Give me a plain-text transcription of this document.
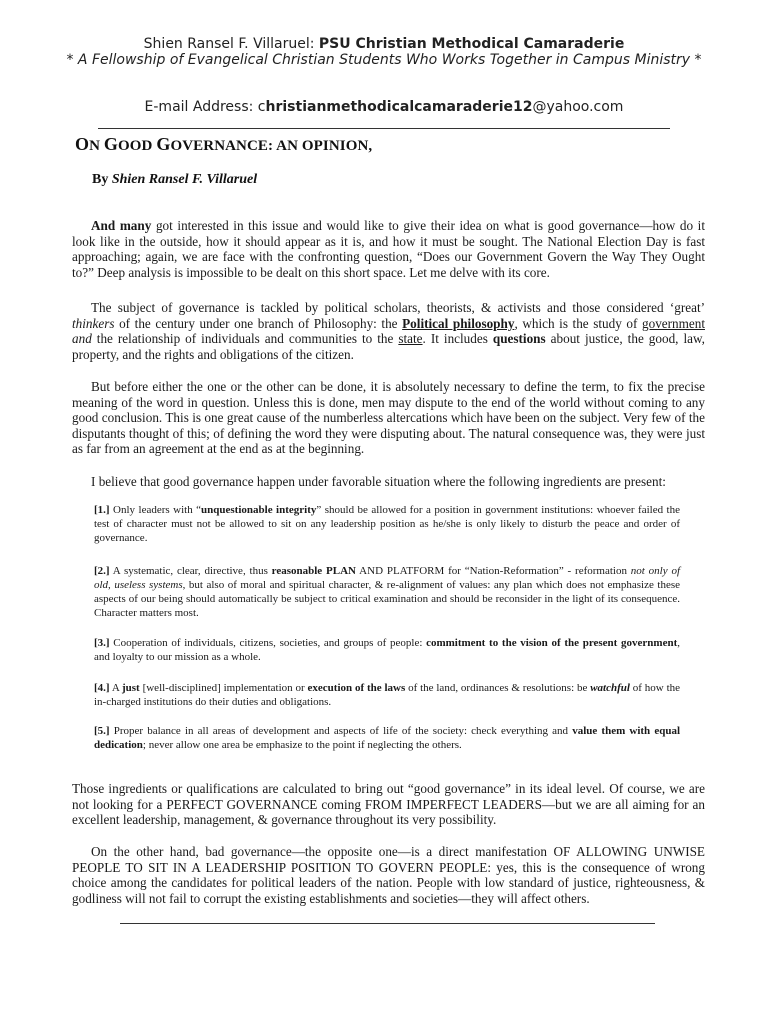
Shien Ransel F. Villaruel: PSU Christian Methodical Camaraderie
* A Fellowship of Evangelical Christian Students Who Works Together in Campus Ministry *
E-mail Address: christianmethodicalcamaraderie12@yahoo.com
ON GOOD GOVERNANCE: AN OPINION,
By Shien Ransel F. Villaruel
And many got interested in this issue and would like to give their idea on what is good governance—how do it look like in the outside, how it should appear as it is, and how it must be sought. The National Election Day is fast approaching; again, we are face with the confronting question, “Does our Government Govern the Way They Ought to?” Deep analysis is impossible to be dealt on this short space. Let me delve with its core.
The subject of governance is tackled by political scholars, theorists, & activists and those considered ‘great’ thinkers of the century under one branch of Philosophy: the Political philosophy, which is the study of government and the relationship of individuals and communities to the state. It includes questions about justice, the good, law, property, and the rights and obligations of the citizen.
But before either the one or the other can be done, it is absolutely necessary to define the term, to fix the precise meaning of the word in question. Unless this is done, men may dispute to the end of the world without coming to any good conclusion. This is one great cause of the numberless altercations which have been on the subject. Very few of the disputants thought of this; of defining the word they were disputing about. The natural consequence was, they were just as far from an agreement at the end as at the beginning.
I believe that good governance happen under favorable situation where the following ingredients are present:
[1.] Only leaders with “unquestionable integrity” should be allowed for a position in government institutions: whoever failed the test of character must not be allowed to sit on any leadership position as he/she is only likely to disturb the peace and order of governance.
[2.] A systematic, clear, directive, thus reasonable PLAN AND PLATFORM for “Nation-Reformation” - reformation not only of old, useless systems, but also of moral and spiritual character, & re-alignment of values: any plan which does not emphasize these aspects of our being should automatically be subject to critical examination and should be reconsider in the light of its consequence. Character matters most.
[3.] Cooperation of individuals, citizens, societies, and groups of people: commitment to the vision of the present government, and loyalty to our mission as a whole.
[4.] A just [well-disciplined] implementation or execution of the laws of the land, ordinances & resolutions: be watchful of how the in-charged institutions do their duties and obligations.
[5.] Proper balance in all areas of development and aspects of life of the society: check everything and value them with equal dedication; never allow one area be emphasize to the point if neglecting the others.
Those ingredients or qualifications are calculated to bring out “good governance” in its ideal level. Of course, we are not looking for a PERFECT GOVERNANCE coming FROM IMPERFECT LEADERS—but we are all aiming for an excellent leadership, management, & governance throughout its very possibility.
On the other hand, bad governance—the opposite one—is a direct manifestation OF ALLOWING UNWISE PEOPLE TO SIT IN A LEADERSHIP POSITION TO GOVERN PEOPLE: yes, this is the consequence of wrong choice among the candidates for political leaders of the nation. People with low standard of justice, righteousness, & godliness will not fail to corrupt the existing establishments and societies—they will affect others.
